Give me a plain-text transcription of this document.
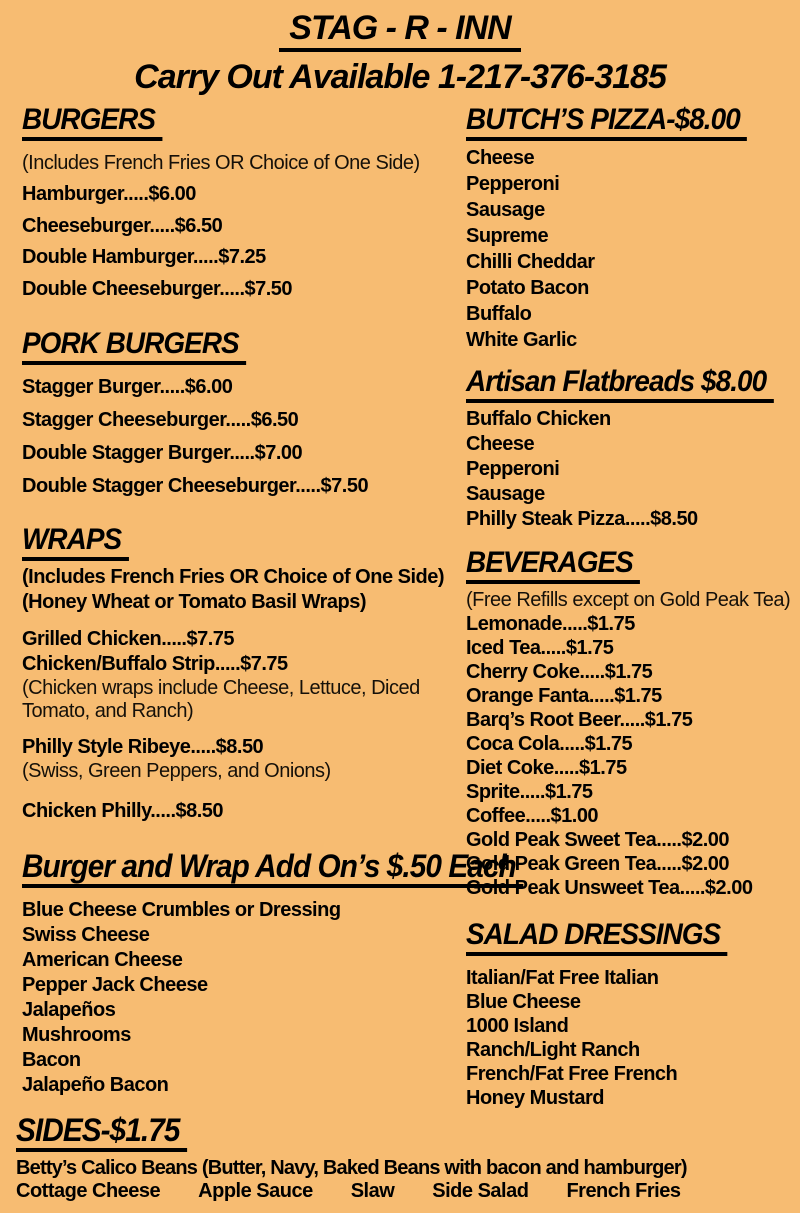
STAG - R - INN
Carry Out Available 1-217-376-3185
BURGERS
(Includes French Fries OR Choice of One Side)
Hamburger.....$6.00
Cheeseburger.....$6.50
Double Hamburger.....$7.25
Double Cheeseburger.....$7.50
PORK BURGERS
Stagger Burger.....$6.00
Stagger Cheeseburger.....$6.50
Double Stagger Burger.....$7.00
Double Stagger Cheeseburger.....$7.50
WRAPS
(Includes French Fries OR Choice of One Side)
(Honey Wheat or Tomato Basil Wraps)
Grilled Chicken.....$7.75
Chicken/Buffalo Strip.....$7.75
(Chicken wraps include Cheese, Lettuce, Diced Tomato, and Ranch)
Philly Style Ribeye.....$8.50
(Swiss, Green Peppers, and Onions)
Chicken Philly.....$8.50
Burger and Wrap Add On’s $.50 Each
Blue Cheese Crumbles or Dressing
Swiss Cheese
American Cheese
Pepper Jack Cheese
Jalapeños
Mushrooms
Bacon
Jalapeño Bacon
BUTCH’S PIZZA-$8.00
Cheese
Pepperoni
Sausage
Supreme
Chilli Cheddar
Potato Bacon
Buffalo
White Garlic
Artisan Flatbreads $8.00
Buffalo Chicken
Cheese
Pepperoni
Sausage
Philly Steak Pizza.....$8.50
BEVERAGES
(Free Refills except on Gold Peak Tea)
Lemonade.....$1.75
Iced Tea.....$1.75
Cherry Coke.....$1.75
Orange Fanta.....$1.75
Barq’s Root Beer.....$1.75
Coca Cola.....$1.75
Diet Coke.....$1.75
Sprite.....$1.75
Coffee.....$1.00
Gold Peak Sweet Tea.....$2.00
Gold Peak Green Tea.....$2.00
Gold Peak Unsweet Tea.....$2.00
SALAD DRESSINGS
Italian/Fat Free Italian
Blue Cheese
1000 Island
Ranch/Light Ranch
French/Fat Free French
Honey Mustard
SIDES-$1.75
Betty’s Calico Beans (Butter, Navy, Baked Beans with bacon and hamburger)
Cottage Cheese Apple Sauce Slaw Side Salad French Fries
